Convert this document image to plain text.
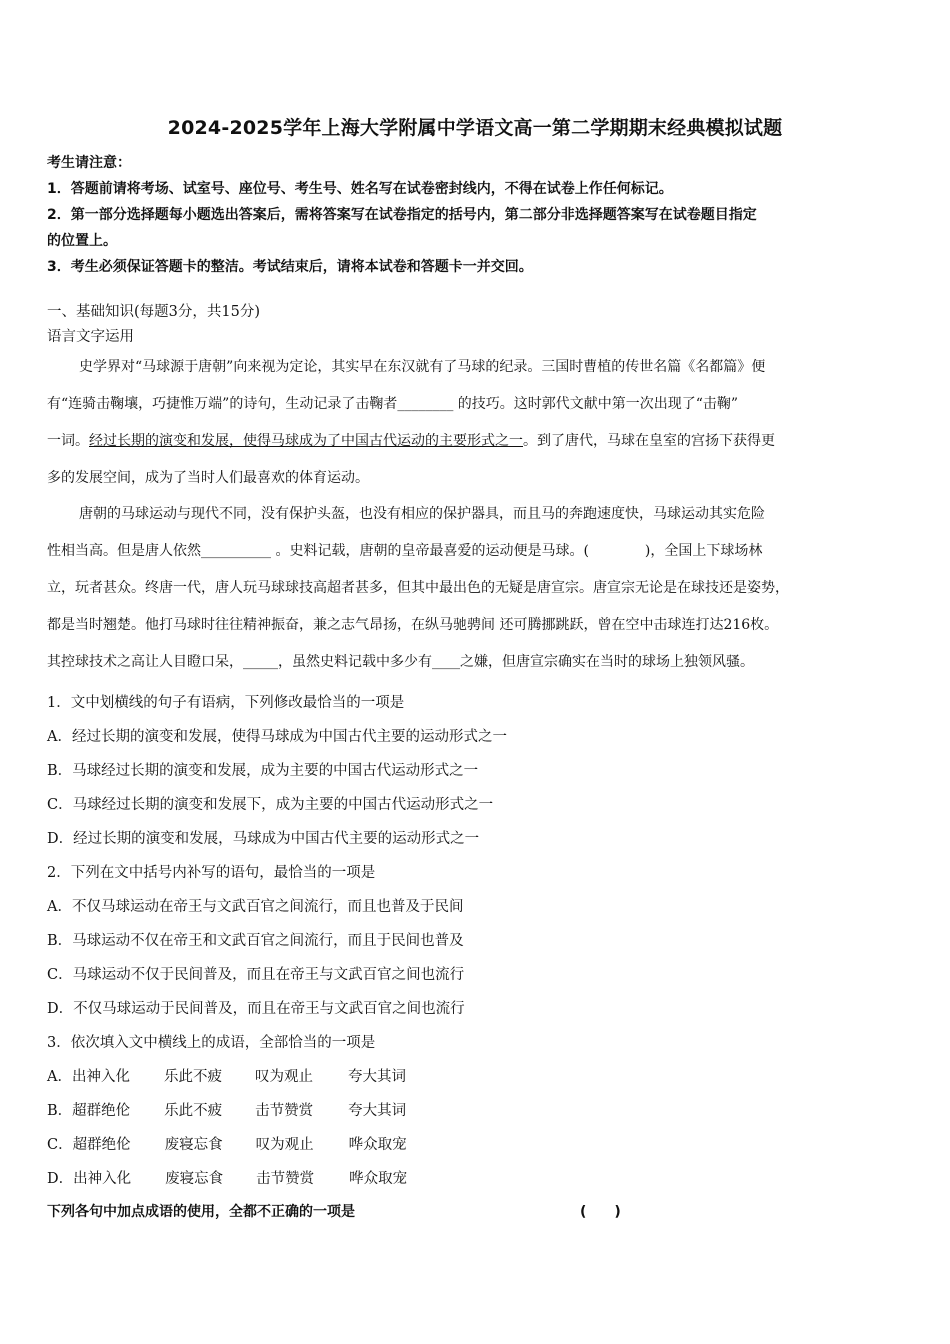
2024-2025学年上海大学附属中学语文高一第二学期期末经典模拟试题
考生请注意：
1．答题前请将考场、试室号、座位号、考生号、姓名写在试卷密封线内，不得在试卷上作任何标记。
2．第一部分选择题每小题选出答案后，需将答案写在试卷指定的括号内，第二部分非选择题答案写在试卷题目指定
的位置上。
3．考生必须保证答题卡的整洁。考试结束后，请将本试卷和答题卡一并交回。
一、基础知识(每题3分，共15分)
语言文字运用
史学界对“马球源于唐朝”向来视为定论，其实早在东汉就有了马球的纪录。三国时曹植的传世名篇《名都篇》便
有“连骑击鞠壤，巧捷惟万端”的诗句，生动记录了击鞠者________ 的技巧。这时郭代文献中第一次出现了“击鞠”
一词。经过长期的演变和发展，使得马球成为了中国古代运动的主要形式之一。到了唐代，马球在皇室的宫扬下获得更
多的发展空间，成为了当时人们最喜欢的体育运动。
唐朝的马球运动与现代不同，没有保护头盔，也没有相应的保护器具，而且马的奔跑速度快，马球运动其实危险
性相当高。但是唐人依然__________ 。史料记载，唐朝的皇帝最喜爱的运动便是马球。(　　　　)，全国上下球场林
立，玩者甚众。终唐一代，唐人玩马球球技高超者甚多，但其中最出色的无疑是唐宣宗。唐宣宗无论是在球技还是姿势，
都是当时翘楚。他打马球时往往精神振奋，兼之志气昂扬，在纵马驰骋间 还可腾挪跳跃，曾在空中击球连打达216枚。
其控球技术之高让人目瞪口呆，_____，虽然史料记载中多少有____之嫌，但唐宣宗确实在当时的球场上独领风骚。
1．文中划横线的句子有语病，下列修改最恰当的一项是
A．经过长期的演变和发展，使得马球成为中国古代主要的运动形式之一
B．马球经过长期的演变和发展，成为主要的中国古代运动形式之一
C．马球经过长期的演变和发展下，成为主要的中国古代运动形式之一
D．经过长期的演变和发展，马球成为中国古代主要的运动形式之一
2．下列在文中括号内补写的语句，最恰当的一项是
A．不仅马球运动在帝王与文武百官之间流行，而且也普及于民间
B．马球运动不仅在帝王和文武百官之间流行，而且于民间也普及
C．马球运动不仅于民间普及，而且在帝王与文武百官之间也流行
D．不仅马球运动于民间普及，而且在帝王与文武百官之间也流行
3．依次填入文中横线上的成语，全部恰当的一项是
A．出神入化 乐此不疲 叹为观止 夸大其词
B．超群绝伦 乐此不疲 击节赞赏 夸大其词
C．超群绝伦 废寝忘食 叹为观止 哗众取宠
D．出神入化 废寝忘食 击节赞赏 哗众取宠
下列各句中加点成语的使用，全都不正确的一项是	(　　)
